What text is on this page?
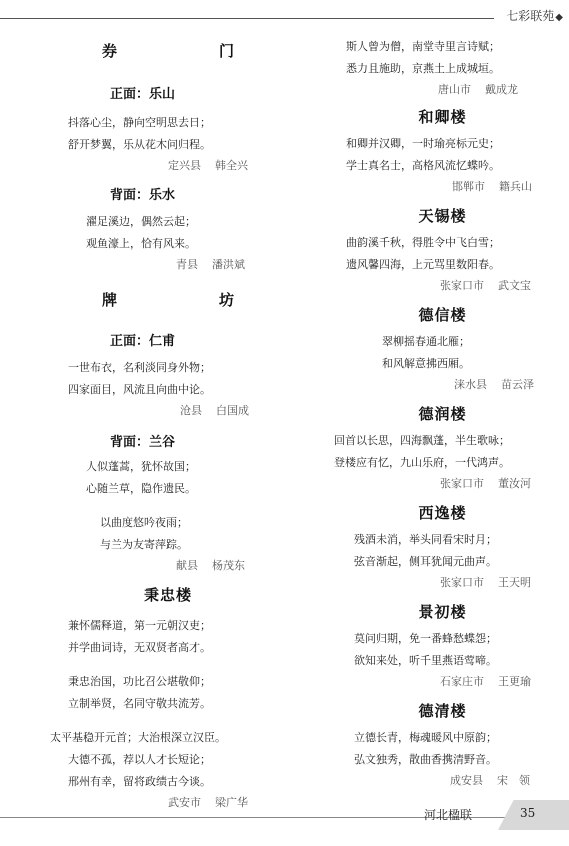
七彩联苑◆

券　　门

正面：乐山

抖落心尘，静向空明思去日；

舒开梦翼，乐从花木问归程。

定兴县 韩全兴

背面：乐水

濯足溪边，偶然云起；

观鱼濠上，恰有风来。

青县 潘洪斌

牌　　坊

正面：仁甫

一世布衣，名利淡同身外物；

四家面目，风流且向曲中论。

沧县 白国成

背面：兰谷

人似蓬蒿，犹怀故国；

心随兰草，隐作遗民。

以曲度悠吟夜雨；

与兰为友寄萍踪。

献县 杨茂东

秉忠楼

兼怀儒释道，第一元朝汉吏；

并学曲词诗，无双贤者高才。

秉忠治国，功比召公堪敬仰；

立制举贤，名同守敬共流芳。

太平基稳开元首；大治根深立汉臣。

大德不孤，荐以人才长短论；

邢州有幸，留将政绩古今谈。

武安市 梁广华

斯人曾为僧，南堂寺里言诗赋；

悉力且施助，京燕土上成城垣。

唐山市 戴成龙

和卿楼

和卿并汉卿，一时瑜亮标元史；

学士真名士，高格风流忆蝶吟。

邯郸市 籍兵山

天锡楼

曲韵溪千秋，得胜令中飞白雪；

遗风馨四海，上元骂里数阳春。

张家口市 武文宝

德信楼

翠柳摇春通北雁；

和风解意拂西厢。

涞水县 苗云泽

德润楼

回首以长思，四海飘蓬，半生歌咏；

登楼应有忆，九山乐府，一代鸿声。

张家口市 董汝河

西逸楼

残酒未消，举头同看宋时月；

弦音渐起，侧耳犹闻元曲声。

张家口市 王天明

景初楼

莫问归期，免一番蜂愁蝶怨；

欲知来处，听千里燕语莺啼。

石家庄市 王更瑜

德清楼

立德长青，梅魂暖风中原韵；

弘文独秀，散曲香携清野音。

成安县 宋　领

河北楹联	35
